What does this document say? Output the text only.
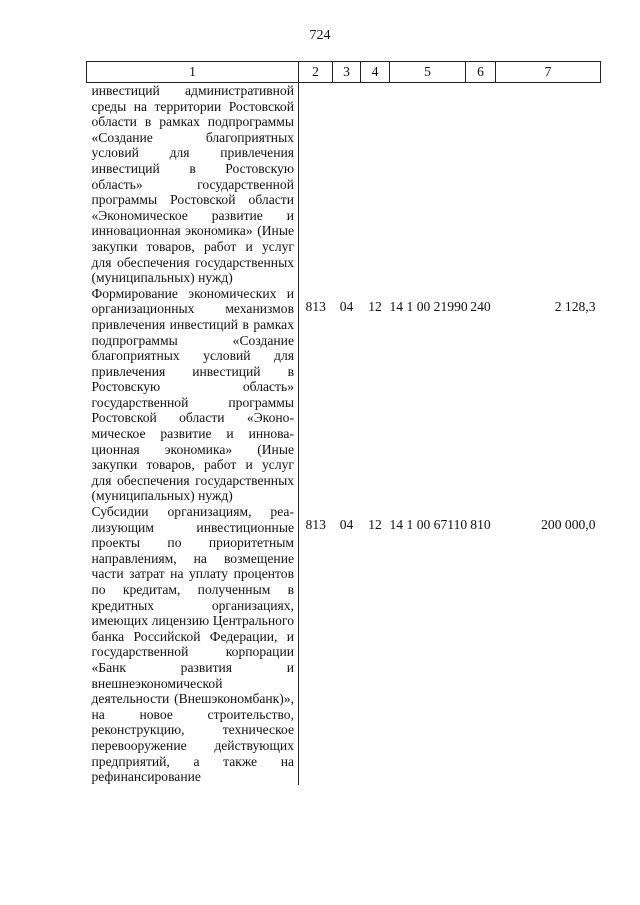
724
1	2	3	4	5	6	7
инвестиций административной среды на территории Ростовской области в рамках подпрограммы «Создание благоприятных условий для привлечения инвестиций в Ростовскую область» государственной программы Ростовской области «Экономическое развитие и инновационная экономика» (Иные закупки товаров, работ и услуг для обеспечения государственных (муниципальных) нужд)						
Формирование экономических и организационных механизмов привлечения инвестиций в рамках подпрограммы «Создание благоприятных условий для привлечения инвестиций в Ростовскую область» государственной программы Ростовской области «Экономическое развитие и инновационная экономика» (Иные закупки товаров, работ и услуг для обеспечения государственных (муниципальных) нужд)	813	04	12	14 1 00 21990	240	2 128,3
Субсидии организациям, реализующим инвестиционные проекты по приоритетным направлениям, на возмещение части затрат на уплату процентов по кредитам, полученным в кредитных организациях, имеющих лицензию Центрального банка Российской Федерации, и государственной корпорации «Банк развития и внешнеэкономической деятельности (Внешэкономбанк)», на новое строительство, реконструкцию, техническое перевооружение действующих предприятий, а также на рефинансирование	813	04	12	14 1 00 67110	810	200 000,0
